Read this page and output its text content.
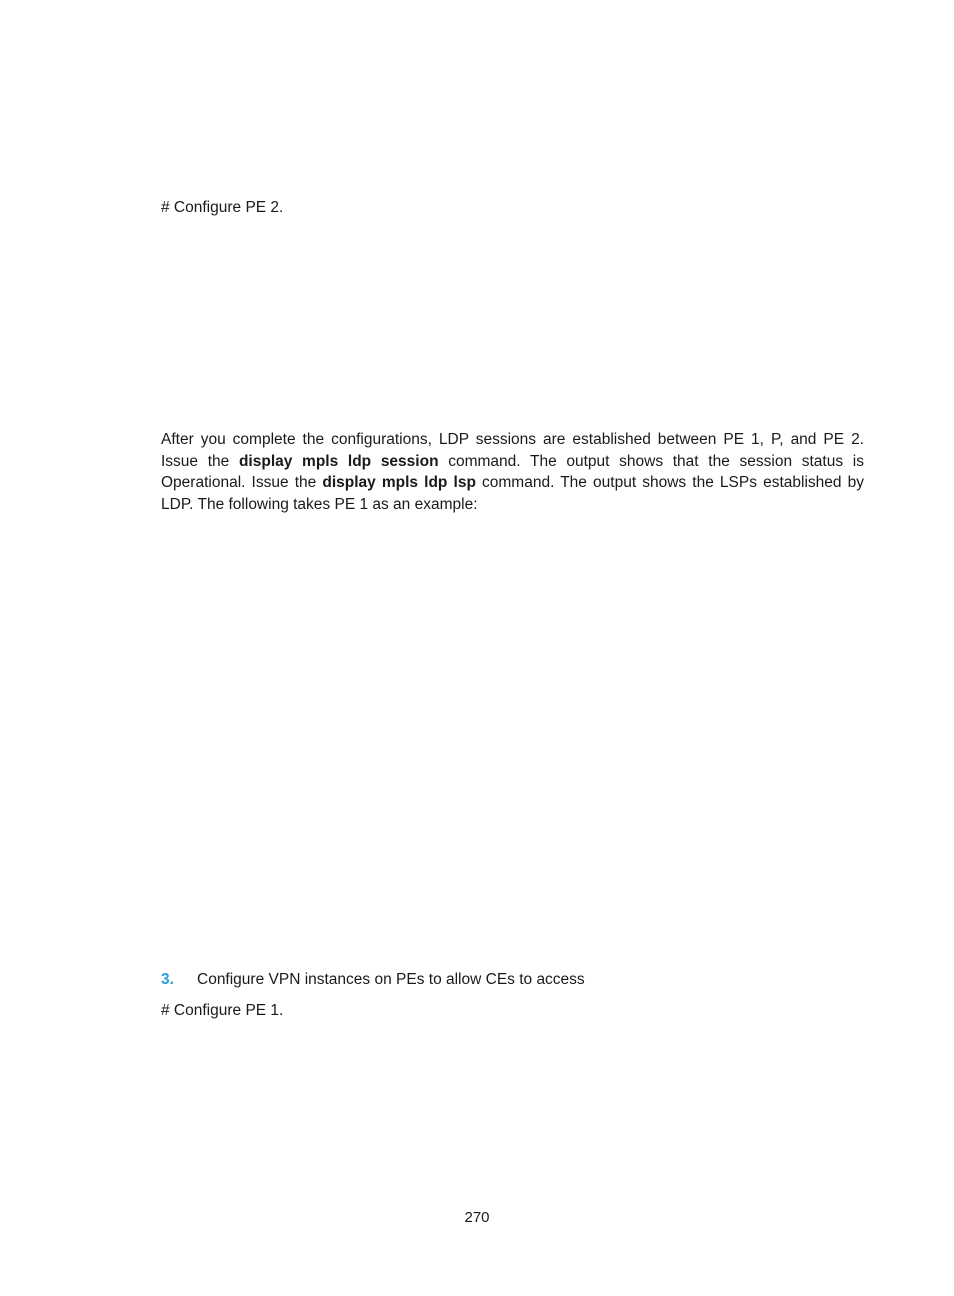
# Configure PE 2.

After you complete the configurations, LDP sessions are established between PE 1, P, and PE 2. Issue the display mpls ldp session command. The output shows that the session status is Operational. Issue the display mpls ldp lsp command. The output shows the LSPs established by LDP. The following takes PE 1 as an example:

3. Configure VPN instances on PEs to allow CEs to access

# Configure PE 1.

270
